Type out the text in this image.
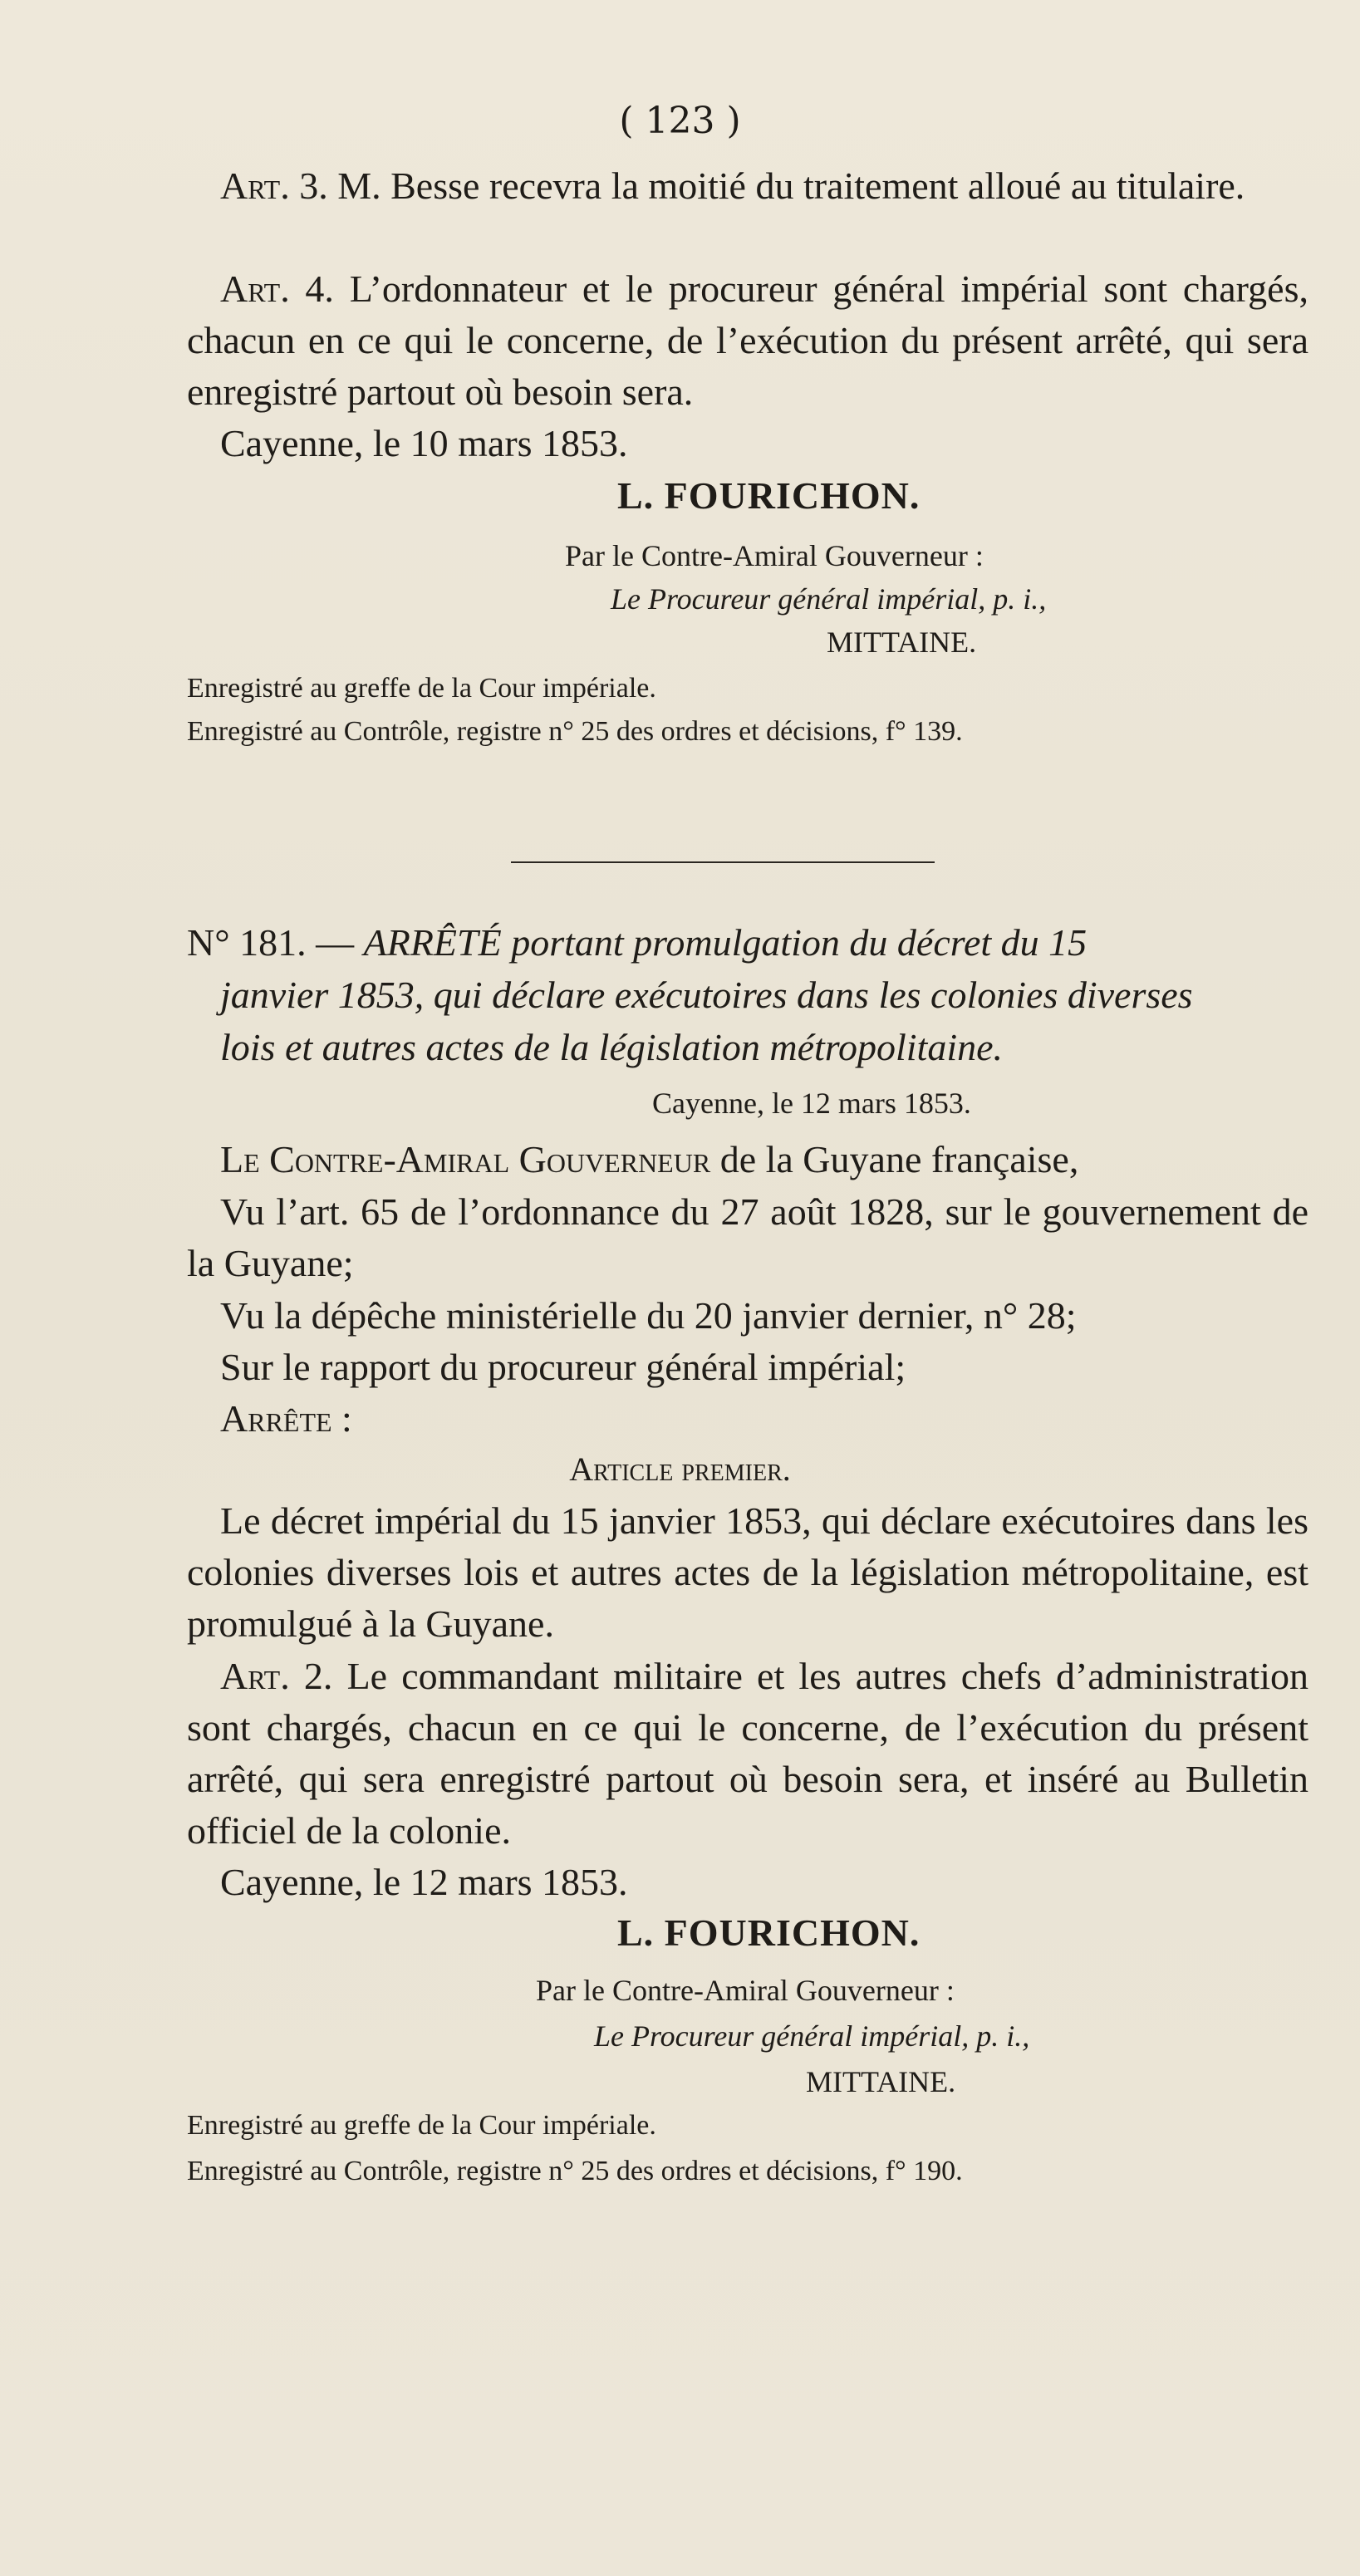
( 123 )

Art. 3. M. Besse recevra la moitié du traitement alloué au titulaire.

Art. 4. L’ordonnateur et le procureur général impérial sont chargés, chacun en ce qui le concerne, de l’exécution du présent arrêté, qui sera enregistré partout où besoin sera.

Cayenne, le 10 mars 1853.

L. FOURICHON.
Par le Contre-Amiral Gouverneur :
Le Procureur général impérial, p. i.,
MITTAINE.
Enregistré au greffe de la Cour impériale.
Enregistré au Contrôle, registre n° 25 des ordres et décisions, f° 139.
N° 181. — ARRÊTÉ portant promulgation du décret du 15
janvier 1853, qui déclare exécutoires dans les colonies diverses
lois et autres actes de la législation métropolitaine.
Cayenne, le 12 mars 1853.

Le Contre-Amiral Gouverneur de la Guyane française,

Vu l’art. 65 de l’ordonnance du 27 août 1828, sur le gouvernement de la Guyane;

Vu la dépêche ministérielle du 20 janvier dernier, n° 28;

Sur le rapport du procureur général impérial;

Arrête :

Article premier.

Le décret impérial du 15 janvier 1853, qui déclare exécutoires dans les colonies diverses lois et autres actes de la législation métropolitaine, est promulgué à la Guyane.

Art. 2. Le commandant militaire et les autres chefs d’administration sont chargés, chacun en ce qui le concerne, de l’exécution du présent arrêté, qui sera enregistré partout où besoin sera, et inséré au Bulletin officiel de la colonie.

Cayenne, le 12 mars 1853.

L. FOURICHON.
Par le Contre-Amiral Gouverneur :
Le Procureur général impérial, p. i.,
MITTAINE.
Enregistré au greffe de la Cour impériale.
Enregistré au Contrôle, registre n° 25 des ordres et décisions, f° 190.
